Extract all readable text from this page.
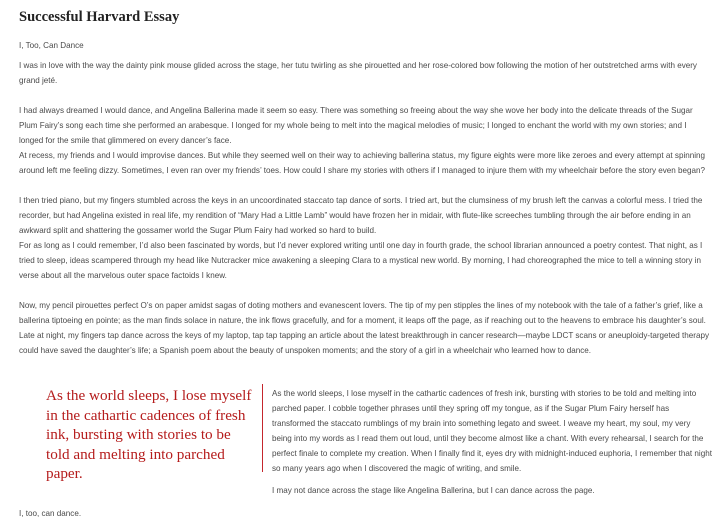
Successful Harvard Essay

I, Too, Can Dance

I was in love with the way the dainty pink mouse glided across the stage, her tutu twirling as she pirouetted and her rose-colored bow following the motion of her outstretched arms with every grand jeté.

I had always dreamed I would dance, and Angelina Ballerina made it seem so easy. There was something so freeing about the way she wove her body into the delicate threads of the Sugar Plum Fairy’s song each time she performed an arabesque. I longed for my whole being to melt into the magical melodies of music; I longed to enchant the world with my own stories; and I longed for the smile that glimmered on every dancer’s face.

At recess, my friends and I would improvise dances. But while they seemed well on their way to achieving ballerina status, my figure eights were more like zeroes and every attempt at spinning around left me feeling dizzy. Sometimes, I even ran over my friends’ toes. How could I share my stories with others if I managed to injure them with my wheelchair before the story even began?

I then tried piano, but my fingers stumbled across the keys in an uncoordinated staccato tap dance of sorts. I tried art, but the clumsiness of my brush left the canvas a colorful mess. I tried the recorder, but had Angelina existed in real life, my rendition of “Mary Had a Little Lamb” would have frozen her in midair, with flute-like screeches tumbling through the air before ending in an awkward split and shattering the gossamer world the Sugar Plum Fairy had worked so hard to build.

For as long as I could remember, I’d also been fascinated by words, but I’d never explored writing until one day in fourth grade, the school librarian announced a poetry contest. That night, as I tried to sleep, ideas scampered through my head like Nutcracker mice awakening a sleeping Clara to a mystical new world. By morning, I had choreographed the mice to tell a winning story in verse about all the marvelous outer space factoids I knew.

Now, my pencil pirouettes perfect O’s on paper amidst sagas of doting mothers and evanescent lovers. The tip of my pen stipples the lines of my notebook with the tale of a father’s grief, like a ballerina tiptoeing en pointe; as the man finds solace in nature, the ink flows gracefully, and for a moment, it leaps off the page, as if reaching out to the heavens to embrace his daughter’s soul. Late at night, my fingers tap dance across the keys of my laptop, tap tap tapping an article about the latest breakthrough in cancer research—maybe LDCT scans or aneuploidy-targeted therapy could have saved the daughter’s life; a Spanish poem about the beauty of unspoken moments; and the story of a girl in a wheelchair who learned how to dance.

As the world sleeps, I lose myself in the cathartic cadences of fresh ink, bursting with stories to be told and melting into parched paper.

As the world sleeps, I lose myself in the cathartic cadences of fresh ink, bursting with stories to be told and melting into parched paper. I cobble together phrases until they spring off my tongue, as if the Sugar Plum Fairy herself has transformed the staccato rumblings of my brain into something legato and sweet. I weave my heart, my soul, my very being into my words as I read them out loud, until they become almost like a chant. With every rehearsal, I search for the perfect finale to complete my creation. When I finally find it, eyes dry with midnight-induced euphoria, I remember that night so many years ago when I discovered the magic of writing, and smile.

I may not dance across the stage like Angelina Ballerina, but I can dance across the page.

I, too, can dance.
